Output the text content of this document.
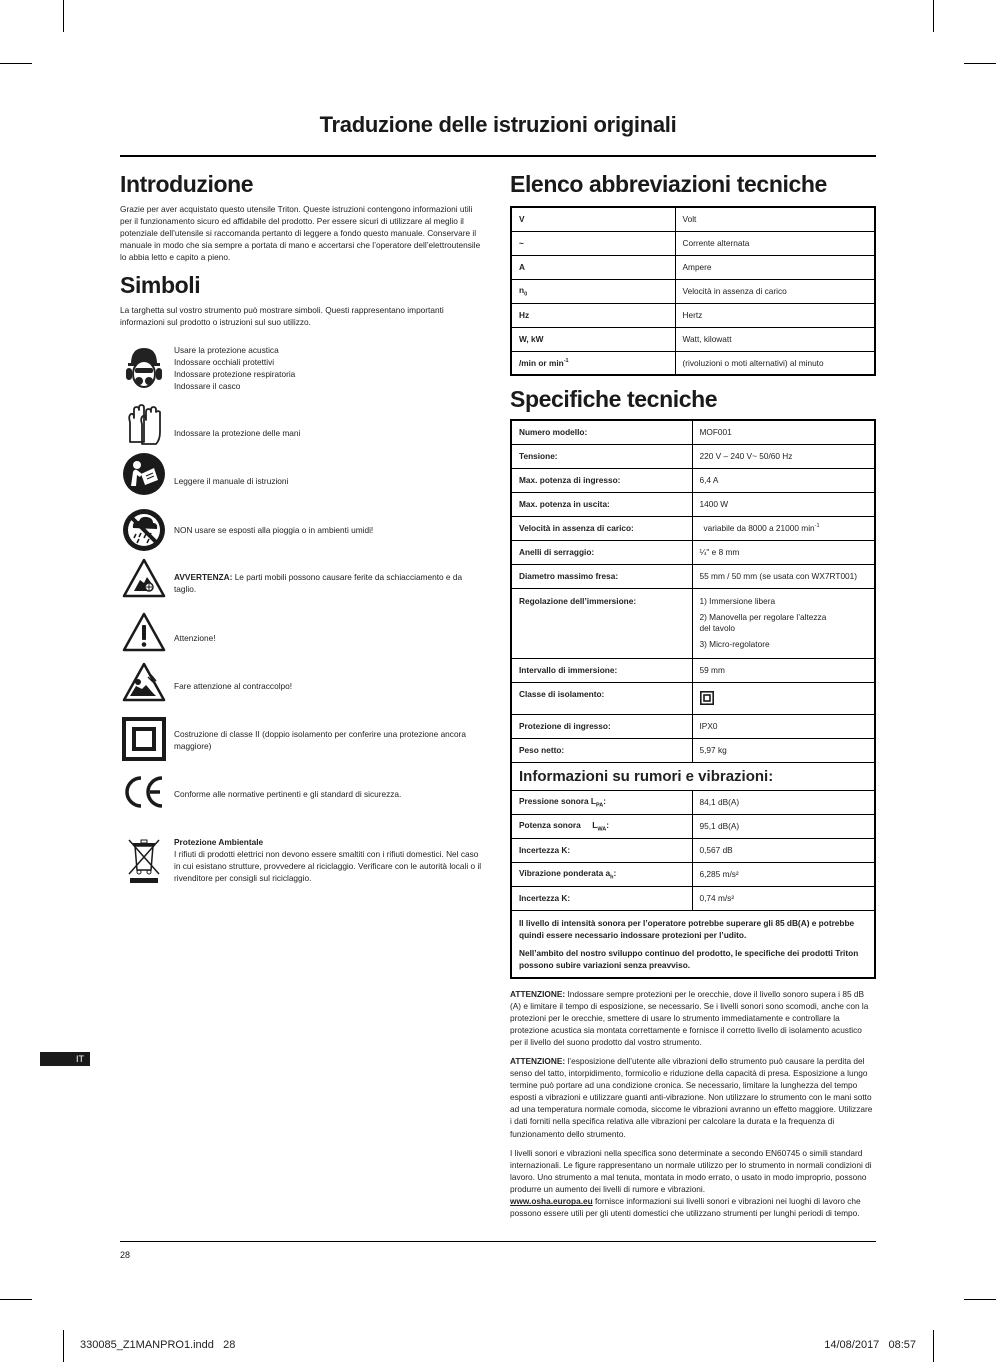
Traduzione delle istruzioni originali
Introduzione
Grazie per aver acquistato questo utensile Triton. Queste istruzioni contengono informazioni utili per il funzionamento sicuro ed affidabile del prodotto. Per essere sicuri di utilizzare al meglio il potenziale dell’utensile si raccomanda pertanto di leggere a fondo questo manuale. Conservare il manuale in modo che sia sempre a portata di mano e accertarsi che l’operatore dell’elettroutensile lo abbia letto e capito a pieno.
Simboli
La targhetta sul vostro strumento può mostrare simboli. Questi rappresentano importanti informazioni sul prodotto o istruzioni sul suo utilizzo.
Usare la protezione acustica
Indossare occhiali protettivi
Indossare protezione respiratoria
Indossare il casco
Indossare la protezione delle mani
Leggere il manuale di istruzioni
NON usare se esposti alla pioggia o in ambienti umidi!
AVVERTENZA: Le parti mobili possono causare ferite da schiacciamento e da taglio.
Attenzione!
Fare attenzione al contraccolpo!
Costruzione di classe II (doppio isolamento per conferire una protezione ancora maggiore)
Conforme alle normative pertinenti e gli standard di sicurezza.
Protezione Ambientale
I rifiuti di prodotti elettrici non devono essere smaltiti con i rifiuti domestici. Nel caso in cui esistano strutture, provvedere al riciclaggio. Verificare con le autorità locali o il rivenditore per consigli sul riciclaggio.
Elenco abbreviazioni tecniche
V	Volt
~	Corrente alternata
A	Ampere
$n_0$	Velocità in assenza di carico
Hz	Hertz
W, kW	Watt, kilowatt
/min or $\min^{-1}$	(rivoluzioni o moti alternativi) al minuto
Specifiche tecniche
Numero modello:	MOF001
Tensione:	220 V – 240 V~ 50/60 Hz
Max. potenza di ingresso:	6,4 A
Max. potenza in uscita:	1400 W
Velocità in assenza di carico:	variabile da 8000 a 21000 $\min^{-1}$
Anelli di serraggio:	¼" e 8 mm
Diametro massimo fresa:	55 mm / 50 mm (se usata con WX7RT001)
Regolazione dell’immersione:	1) Immersione libera
2) Manovella per regolare l’altezza del tavolo
3) Micro-regolatore

Intervallo di immersione:	59 mm
Classe di isolamento:	

Protezione di ingresso:	IPX0
Peso netto:	5,97 kg
Informazioni su rumori e vibrazioni:	
Pressione sonora $L_{PA}$:	84,1 dB(A)
Potenza sonora     $L_{WA}$:	95,1 dB(A)
Incertezza K:	0,567 dB
Vibrazione ponderata $a_h$:	6,285 m/s²
Incertezza K:	0,74 m/s²

Il livello di intensità sonora per l’operatore potrebbe superare gli 85 dB(A) e potrebbe quindi essere necessario indossare protezioni per l’udito.
Nell’ambito del nostro sviluppo continuo del prodotto, le specifiche dei prodotti Triton possono subire variazioni senza preavviso.	
ATTENZIONE: Indossare sempre protezioni per le orecchie, dove il livello sonoro supera i 85 dB (A) e limitare il tempo di esposizione, se necessario. Se i livelli sonori sono scomodi, anche con la protezioni per le orecchie, smettere di usare lo strumento immediatamente e controllare la protezione acustica sia montata correttamente e fornisce il corretto livello di isolamento acustico per il livello del suono prodotto dal vostro strumento.
ATTENZIONE: l’esposizione dell’utente alle vibrazioni dello strumento può causare la perdita del senso del tatto, intorpidimento, formicolio e riduzione della capacità di presa. Esposizione a lungo termine può portare ad una condizione cronica. Se necessario, limitare la lunghezza del tempo esposti a vibrazioni e utilizzare guanti anti-vibrazione. Non utilizzare lo strumento con le mani sotto ad una temperatura normale comoda, siccome le vibrazioni avranno un effetto maggiore. Utilizzare i dati forniti nella specifica relativa alle vibrazioni per calcolare la durata e la frequenza di funzionamento dello strumento.
I livelli sonori e vibrazioni nella specifica sono determinate a secondo EN60745 o simili standard internazionali. Le figure rappresentano un normale utilizzo per lo strumento in normali condizioni di lavoro. Uno strumento a mal tenuta, montata in modo errato, o usato in modo improprio, possono produrre un aumento dei livelli di rumore e vibrazioni.
www.osha.europa.eu fornisce informazioni sui livelli sonori e vibrazioni nei luoghi di lavoro che possono essere utili per gli utenti domestici che utilizzano strumenti per lunghi periodi di tempo.
IT
28
330085_Z1MANPRO1.indd   28	14/08/2017   08:57
